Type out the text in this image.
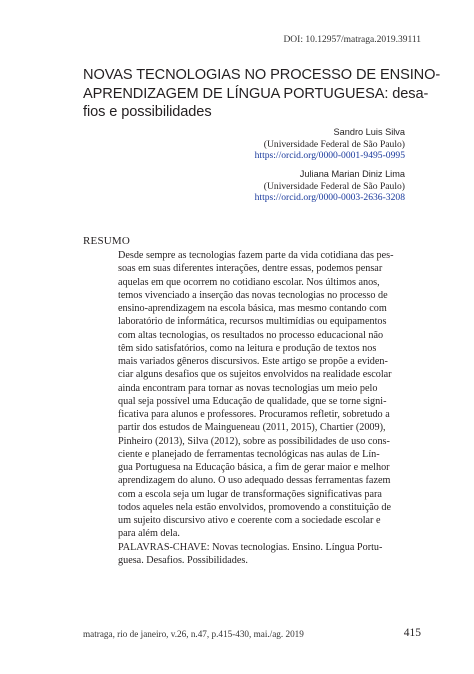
DOI: 10.12957/matraga.2019.39111
NOVAS TECNOLOGIAS NO PROCESSO DE ENSINO-
APRENDIZAGEM DE LÍNGUA PORTUGUESA: desa-
fios e possibilidades
Sandro Luis Silva
(Universidade Federal de São Paulo)
https://orcid.org/0000-0001-9495-0995
Juliana Marian Diniz Lima
(Universidade Federal de São Paulo)
https://orcid.org/0000-0003-2636-3208
RESUMO
Desde sempre as tecnologias fazem parte da vida cotidiana das pes-
soas em suas diferentes interações, dentre essas, podemos pensar
aquelas em que ocorrem no cotidiano escolar. Nos últimos anos,
temos vivenciado a inserção das novas tecnologias no processo de
ensino-aprendizagem na escola básica, mas mesmo contando com
laboratório de informática, recursos multimídias ou equipamentos
com altas tecnologias, os resultados no processo educacional não
têm sido satisfatórios, como na leitura e produção de textos nos
mais variados gêneros discursivos. Este artigo se propõe a eviden-
ciar alguns desafios que os sujeitos envolvidos na realidade escolar
ainda encontram para tornar as novas tecnologias um meio pelo
qual seja possível uma Educação de qualidade, que se torne signi-
ficativa para alunos e professores. Procuramos refletir, sobretudo a
partir dos estudos de Maingueneau (2011, 2015), Chartier (2009),
Pinheiro (2013), Silva (2012), sobre as possibilidades de uso cons-
ciente e planejado de ferramentas tecnológicas nas aulas de Lín-
gua Portuguesa na Educação básica, a fim de gerar maior e melhor
aprendizagem do aluno. O uso adequado dessas ferramentas fazem
com a escola seja um lugar de transformações significativas para
todos aqueles nela estão envolvidos, promovendo a constituição de
um sujeito discursivo ativo e coerente com a sociedade escolar e
para além dela.
PALAVRAS-CHAVE: Novas tecnologias. Ensino. Língua Portu-
guesa. Desafios. Possibilidades.
matraga, rio de janeiro, v.26, n.47, p.415-430, mai./ag. 2019	415
